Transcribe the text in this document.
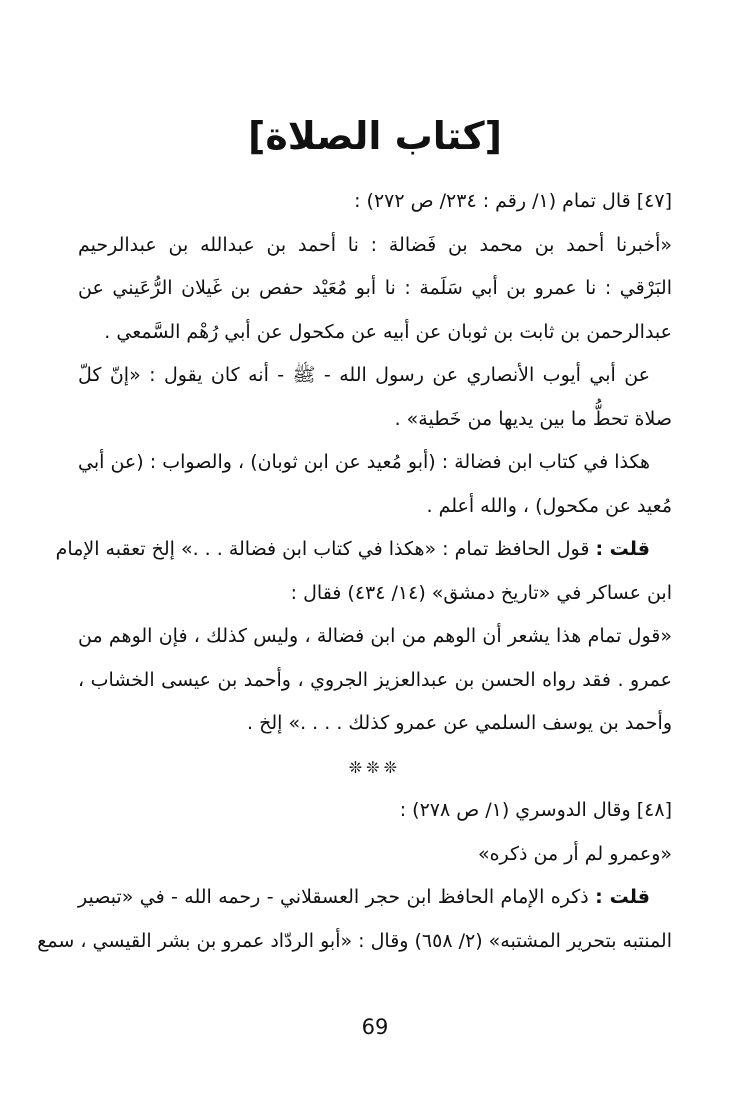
[كتاب الصلاة]
[٤٧] قال تمام (١/ رقم : ٢٣٤/ ص ٢٧٢) :
«أخبرنا أحمد بن محمد بن فَضالة : نا أحمد بن عبدالله بن عبدالرحيم
البَرْقي : نا عمرو بن أبي سَلَمة : نا أبو مُعَيْد حفص بن غَيلان الرُّعَيني عن
عبدالرحمن بن ثابت بن ثوبان عن أبيه عن مكحول عن أبي رُهْم السَّمعي .
عن أبي أيوب الأنصاري عن رسول الله - ﷺ - أنه كان يقول : «إنّ كلّ
صلاة تحطُّ ما بين يديها من خَطية» .
هكذا في كتاب ابن فضالة : (أبو مُعيد عن ابن ثوبان) ، والصواب : (عن أبي
مُعيد عن مكحول) ، والله أعلم .
قلت : قول الحافظ تمام : «هكذا في كتاب ابن فضالة . . .» إلخ تعقبه الإمام
ابن عساكر في «تاريخ دمشق» (١٤/ ٤٣٤) فقال :
«قول تمام هذا يشعر أن الوهم من ابن فضالة ، وليس كذلك ، فإن الوهم من
عمرو . فقد رواه الحسن بن عبدالعزيز الجروي ، وأحمد بن عيسى الخشاب ،
وأحمد بن يوسف السلمي عن عمرو كذلك . . . .» إلخ .
❊❊❊
[٤٨] وقال الدوسري (١/ ص ٢٧٨) :
«وعمرو لم أر من ذكره»
قلت : ذكره الإمام الحافظ ابن حجر العسقلاني - رحمه الله - في «تبصير
المنتبه بتحرير المشتبه» (٢/ ٦٥٨) وقال : «أبو الردّاد عمرو بن بشر القيسي ، سمع
69
